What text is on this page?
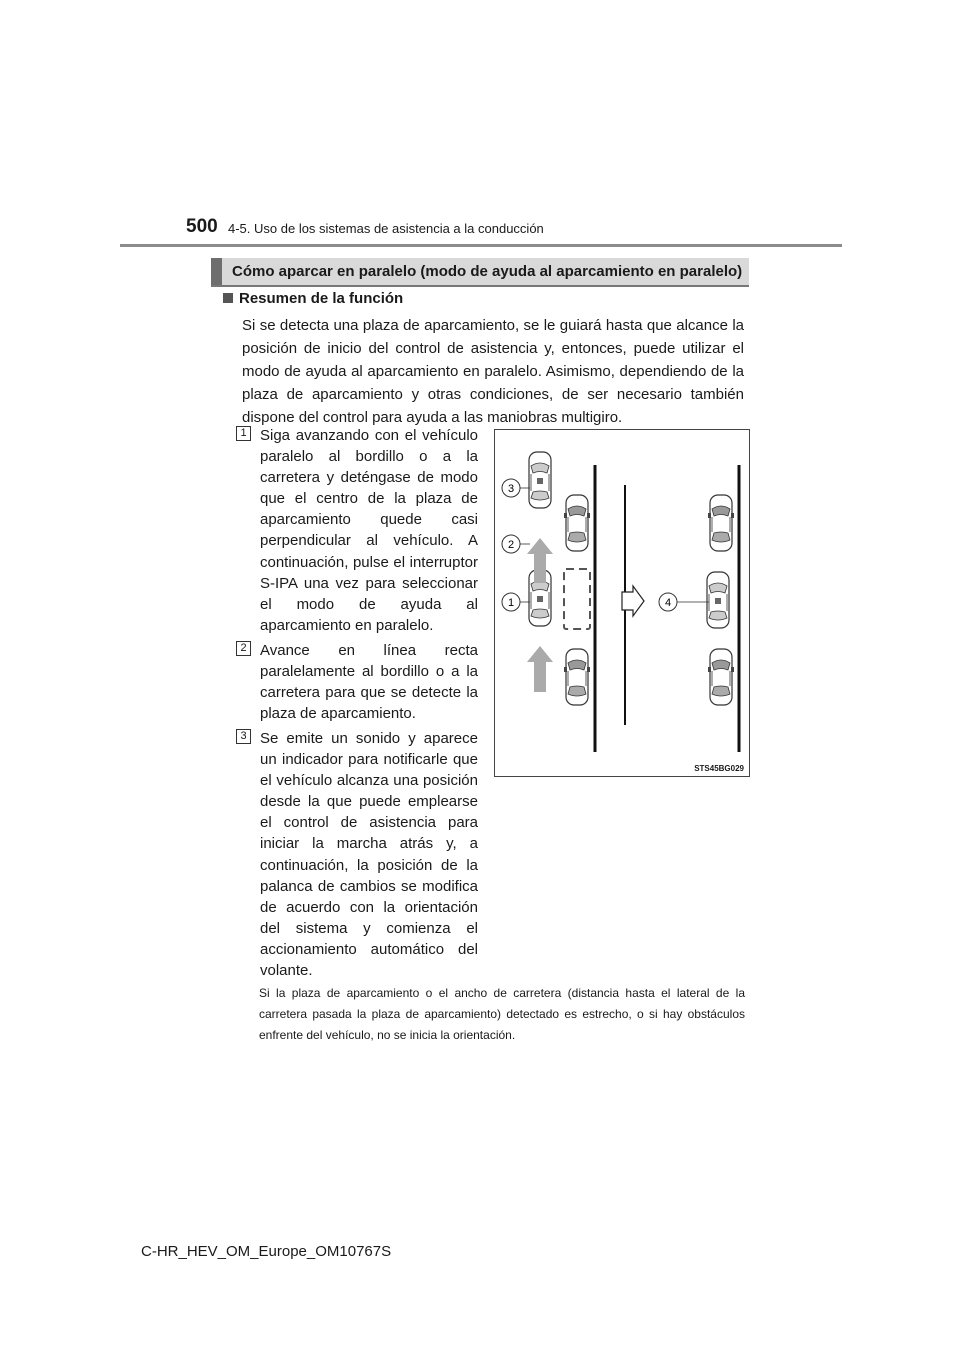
500 4-5. Uso de los sistemas de asistencia a la conducción
Cómo aparcar en paralelo (modo de ayuda al aparcamiento en paralelo)
Resumen de la función
Si se detecta una plaza de aparcamiento, se le guiará hasta que alcance la posición de inicio del control de asistencia y, entonces, puede utilizar el modo de ayuda al aparcamiento en paralelo. Asimismo, dependiendo de la plaza de aparcamiento y otras condiciones, de ser necesario también dispone del control para ayuda a las maniobras multigiro.
1 Siga avanzando con el vehículo paralelo al bordillo o a la carretera y deténgase de modo que el centro de la plaza de aparcamiento quede casi perpendicular al vehículo. A continuación, pulse el interruptor S-IPA una vez para seleccionar el modo de ayuda al aparcamiento en paralelo.
2 Avance en línea recta paralelamente al bordillo o a la carretera para que se detecte la plaza de aparcamiento.
3 Se emite un sonido y aparece un indicador para notificarle que el vehículo alcanza una posición desde la que puede emplearse el control de asistencia para iniciar la marcha atrás y, a continuación, la posición de la palanca de cambios se modifica de acuerdo con la orientación del sistema y comienza el accionamiento automático del volante.
3
2
1	4
STS45BG029
Si la plaza de aparcamiento o el ancho de carretera (distancia hasta el lateral de la carretera pasada la plaza de aparcamiento) detectado es estrecho, o si hay obstáculos enfrente del vehículo, no se inicia la orientación.
C-HR_HEV_OM_Europe_OM10767S
